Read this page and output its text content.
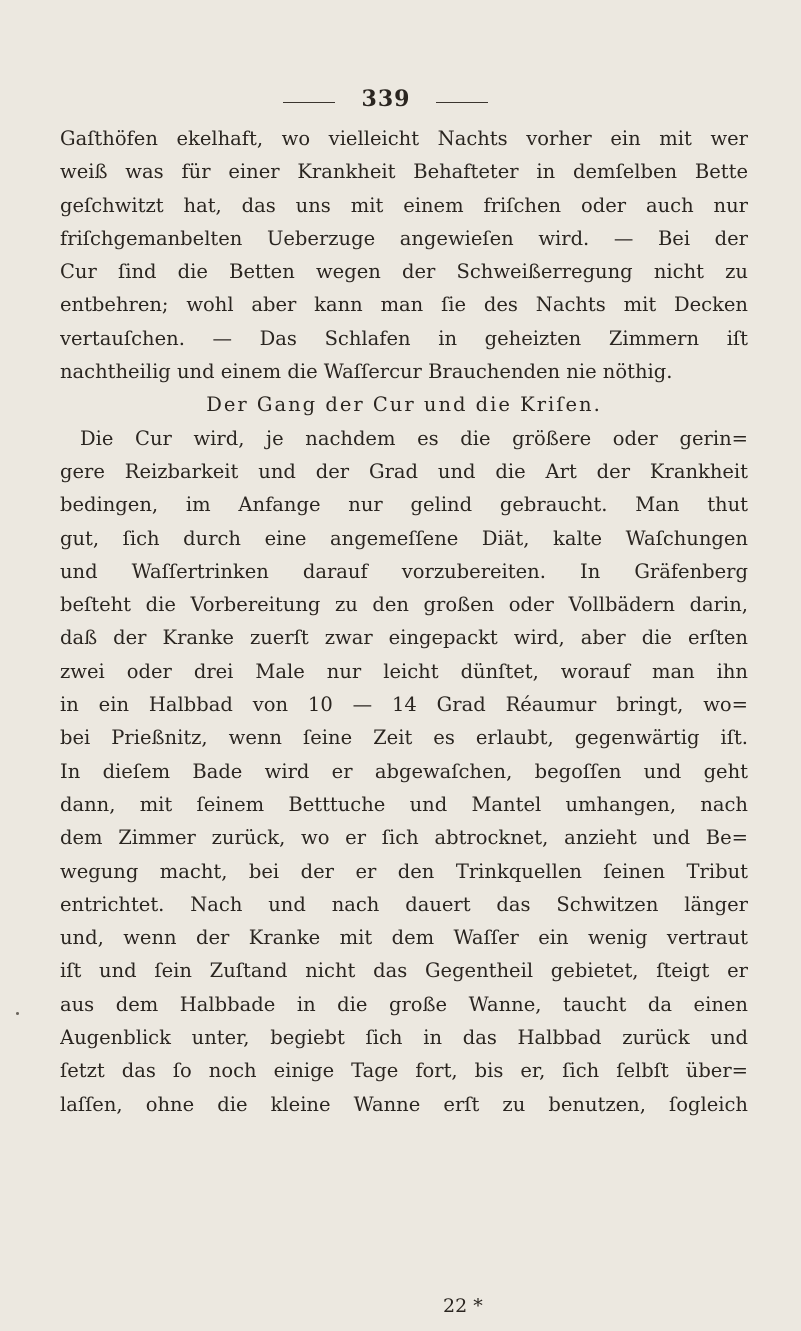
339
Gaſthöfen ekelhaft, wo vielleicht Nachts vorher ein mit wer
weiß was für einer Krankheit Behafteter in demſelben Bette
geſchwitzt hat, das uns mit einem friſchen oder auch nur
friſchgemanbelten Ueberzuge angewieſen wird. — Bei der
Cur ſind die Betten wegen der Schweißerregung nicht zu
entbehren; wohl aber kann man ſie des Nachts mit Decken
vertauſchen. — Das Schlafen in geheizten Zimmern iſt
nachtheilig und einem die Waſſercur Brauchenden nie nöthig.
Der Gang der Cur und die Kriſen.
Die Cur wird, je nachdem es die größere oder gerin=
gere Reizbarkeit und der Grad und die Art der Krankheit
bedingen, im Anfange nur gelind gebraucht. Man thut
gut, ſich durch eine angemeſſene Diät, kalte Waſchungen
und Waſſertrinken darauf vorzubereiten. In Gräfenberg
beſteht die Vorbereitung zu den großen oder Vollbädern darin,
daß der Kranke zuerſt zwar eingepackt wird, aber die erſten
zwei oder drei Male nur leicht dünſtet, worauf man ihn
in ein Halbbad von 10 — 14 Grad Réaumur bringt, wo=
bei Prießnitz, wenn ſeine Zeit es erlaubt, gegenwärtig iſt.
In dieſem Bade wird er abgewaſchen, begoſſen und geht
dann, mit ſeinem Betttuche und Mantel umhangen, nach
dem Zimmer zurück, wo er ſich abtrocknet, anzieht und Be=
wegung macht, bei der er den Trinkquellen ſeinen Tribut
entrichtet. Nach und nach dauert das Schwitzen länger
und, wenn der Kranke mit dem Waſſer ein wenig vertraut
iſt und ſein Zuſtand nicht das Gegentheil gebietet, ſteigt er
aus dem Halbbade in die große Wanne, taucht da einen
Augenblick unter, begiebt ſich in das Halbbad zurück und
ſetzt das ſo noch einige Tage fort, bis er, ſich ſelbſt über=
laſſen, ohne die kleine Wanne erſt zu benutzen, ſogleich
22 *
